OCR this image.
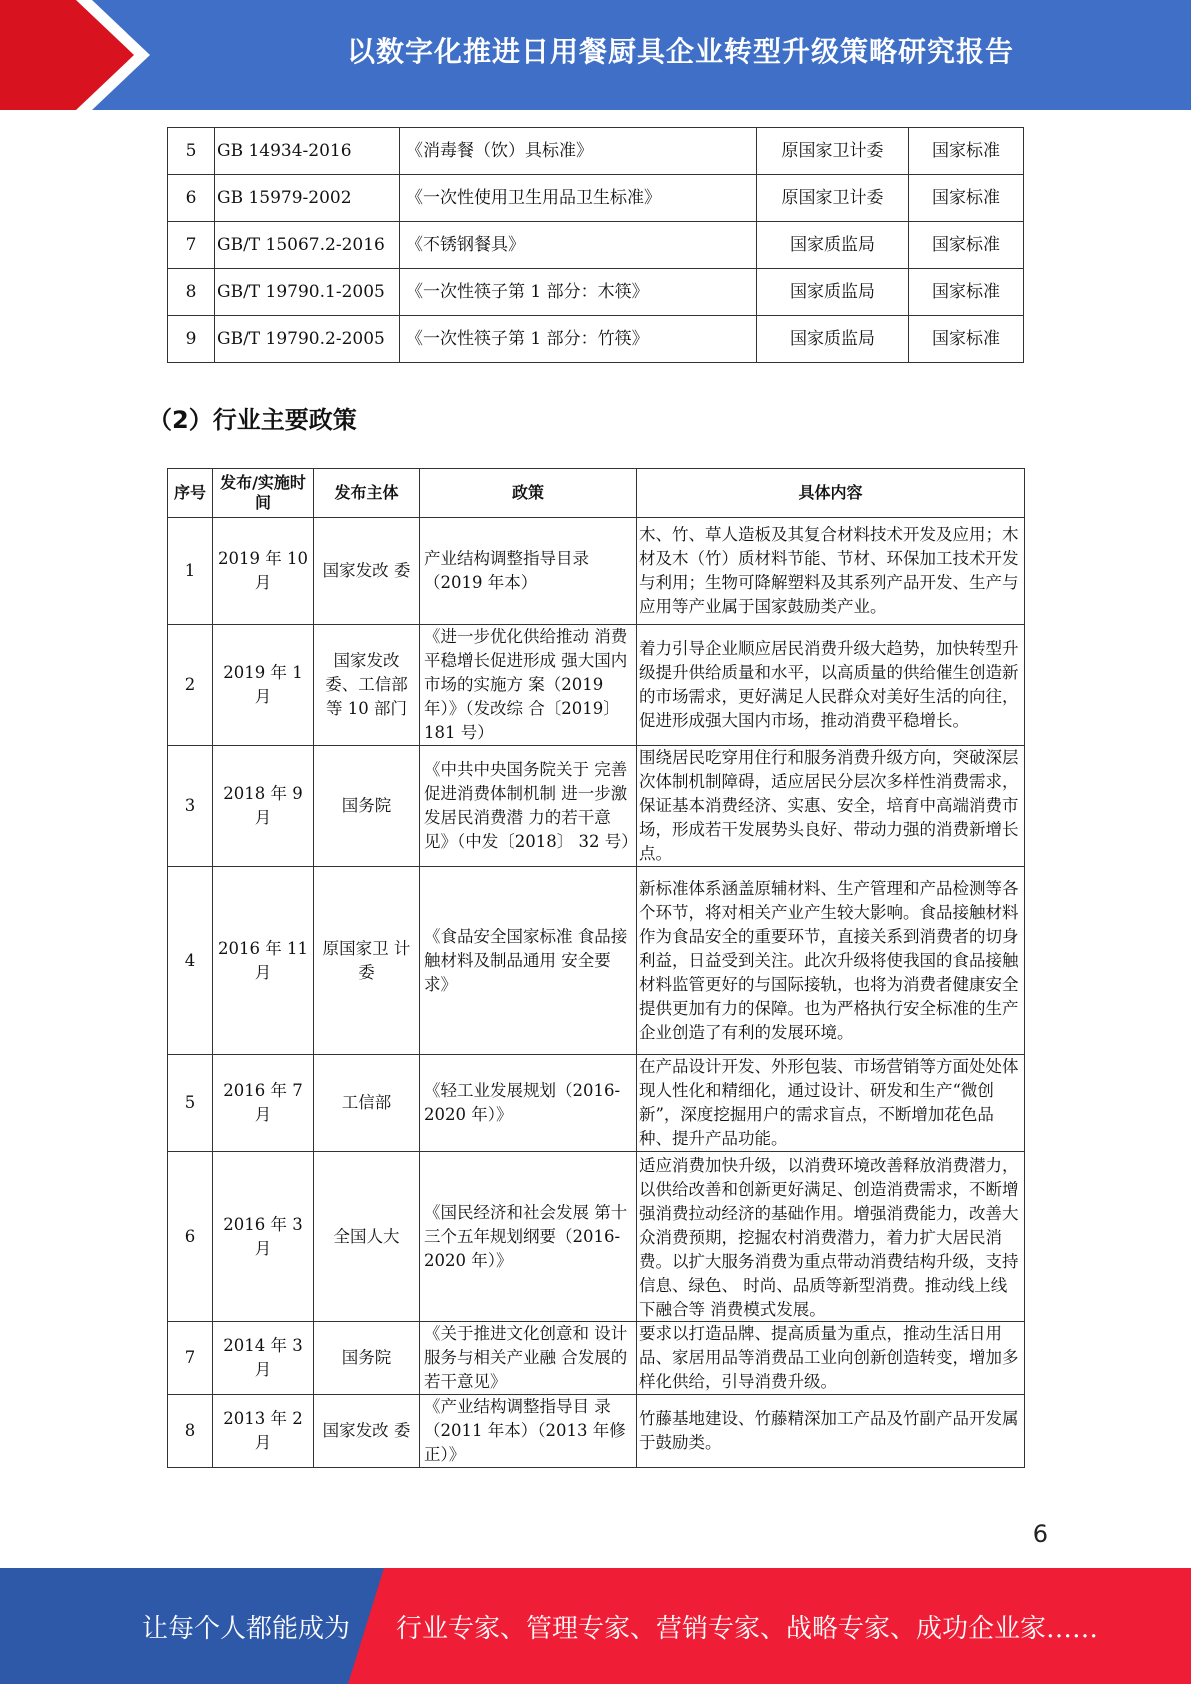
以数字化推进日用餐厨具企业转型升级策略研究报告
5	GB 14934-2016	《消毒餐（饮）具标准》	原国家卫计委	国家标准
6	GB 15979-2002	《一次性使用卫生用品卫生标准》	原国家卫计委	国家标准
7	GB/T 15067.2-2016	《不锈钢餐具》	国家质监局	国家标准
8	GB/T 19790.1-2005	《一次性筷子第 1 部分：木筷》	国家质监局	国家标准
9	GB/T 19790.2-2005	《一次性筷子第 1 部分：竹筷》	国家质监局	国家标准
（2）行业主要政策
序号	发布/实施时间	发布主体	政策	具体内容
1	2019 年 10 月	国家发改 委	产业结构调整指导目录（2019 年本）	木、竹、草人造板及其复合材料技术开发及应用；木材及木（竹）质材料节能、节材、环保加工技术开发与利用；生物可降解塑料及其系列产品开发、生产与应用等产业属于国家鼓励类产业。
2	2019 年 1 月	国家发改委、工信部等 10 部门	《进一步优化供给推动 消费平稳增长促进形成 强大国内市场的实施方 案（2019 年）》（发改综 合〔2019〕 181 号）	着力引导企业顺应居民消费升级大趋势，加快转型升级提升供给质量和水平，以高质量的供给催生创造新的市场需求，更好满足人民群众对美好生活的向往，促进形成强大国内市场，推动消费平稳增长。
3	2018 年 9 月	国务院	《中共中央国务院关于 完善促进消费体制机制 进一步激发居民消费潜 力的若干意见》（中发〔2018〕 32 号）	围绕居民吃穿用住行和服务消费升级方向，突破深层次体制机制障碍，适应居民分层次多样性消费需求，保证基本消费经济、实惠、安全，培育中高端消费市场，形成若干发展势头良好、带动力强的消费新增长点。
4	2016 年 11 月	原国家卫 计委	《食品安全国家标准 食品接触材料及制品通用 安全要求》	新标准体系涵盖原辅材料、生产管理和产品检测等各个环节，将对相关产业产生较大影响。食品接触材料作为食品安全的重要环节，直接关系到消费者的切身利益，日益受到关注。此次升级将使我国的食品接触材料监管更好的与国际接轨，也将为消费者健康安全提供更加有力的保障。也为严格执行安全标准的生产企业创造了有利的发展环境。
5	2016 年 7 月	工信部	《轻工业发展规划（2016-2020 年）》	在产品设计开发、外形包装、市场营销等方面处处体现人性化和精细化，通过设计、研发和生产“微创新”，深度挖掘用户的需求盲点，不断增加花色品种、提升产品功能。
6	2016 年 3 月	全国人大	《国民经济和社会发展 第十三个五年规划纲要（2016-2020 年）》	适应消费加快升级，以消费环境改善释放消费潜力，以供给改善和创新更好满足、创造消费需求，不断增强消费拉动经济的基础作用。增强消费能力，改善大众消费预期，挖掘农村消费潜力，着力扩大居民消费。以扩大服务消费为重点带动消费结构升级，支持信息、绿色、 时尚、品质等新型消费。推动线上线下融合等 消费模式发展。

7	2014 年 3 月	国务院	《关于推进文化创意和 设计服务与相关产业融 合发展的若干意见》	要求以打造品牌、提高质量为重点，推动生活日用品、家居用品等消费品工业向创新创造转变，增加多样化供给，引导消费升级。
8	2013 年 2 月	国家发改 委	《产业结构调整指导目 录（2011 年本）（2013 年修正）》	竹藤基地建设、竹藤精深加工产品及竹副产品开发属于鼓励类。
6
让每个人都能成为 行业专家、管理专家、营销专家、战略专家、成功企业家……
